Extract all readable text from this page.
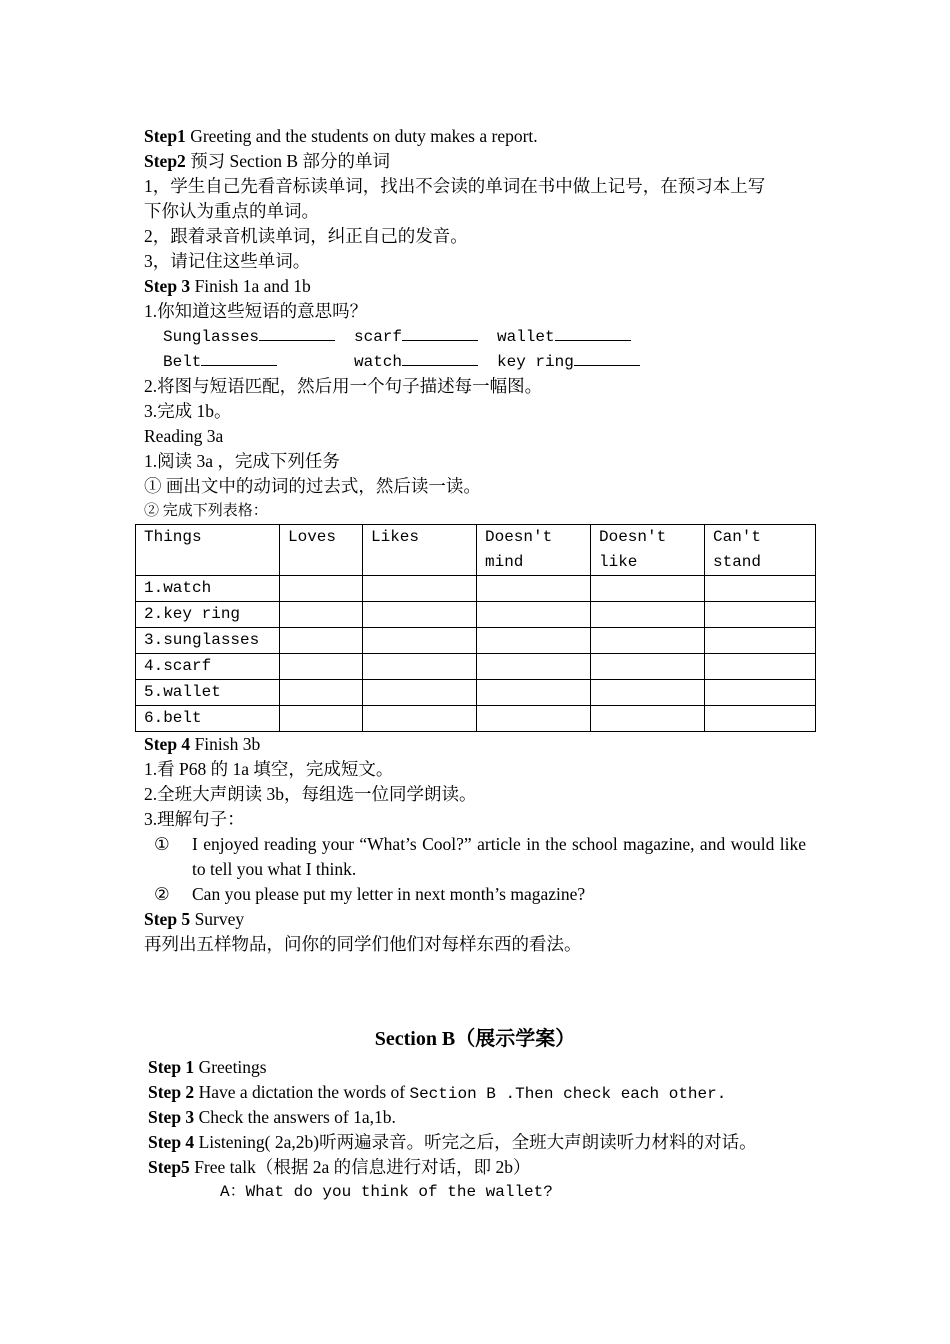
Step1 Greeting and the students on duty makes a report.
Step2 预习 Section B 部分的单词
1，学生自己先看音标读单词，找出不会读的单词在书中做上记号，在预习本上写
下你认为重点的单词。
2，跟着录音机读单词，纠正自己的发音。
3，请记住这些单词。
Step 3 Finish 1a and 1b
1.你知道这些短语的意思吗？
Sunglasses	scarf	wallet
Belt	watch	key ring
2.将图与短语匹配，然后用一个句子描述每一幅图。
3.完成 1b。
Reading 3a
1.阅读 3a ，完成下列任务
① 画出文中的动词的过去式，然后读一读。
② 完成下列表格：
Things	Loves	Likes	Doesn't mind	Doesn't like	Can't stand
1.watch					
2.key ring					
3.sunglasses					
4.scarf					
5.wallet					
6.belt					
Step 4 Finish 3b
1.看 P68 的 1a 填空，完成短文。
2.全班大声朗读 3b，每组选一位同学朗读。
3.理解句子：
①	I enjoyed reading your “What’s Cool?” article in the school magazine, and would like to tell you what I think.
②	Can you please put my letter in next month’s magazine?
Step 5 Survey
再列出五样物品，问你的同学们他们对每样东西的看法。
Section B（展示学案）
Step 1 Greetings
Step 2 Have a dictation the words of Section B .Then check each other.
Step 3 Check the answers of 1a,1b.
Step 4 Listening( 2a,2b)听两遍录音。听完之后，全班大声朗读听力材料的对话。
Step5 Free talk（根据 2a 的信息进行对话，即 2b）
A：What do you think of the wallet?
